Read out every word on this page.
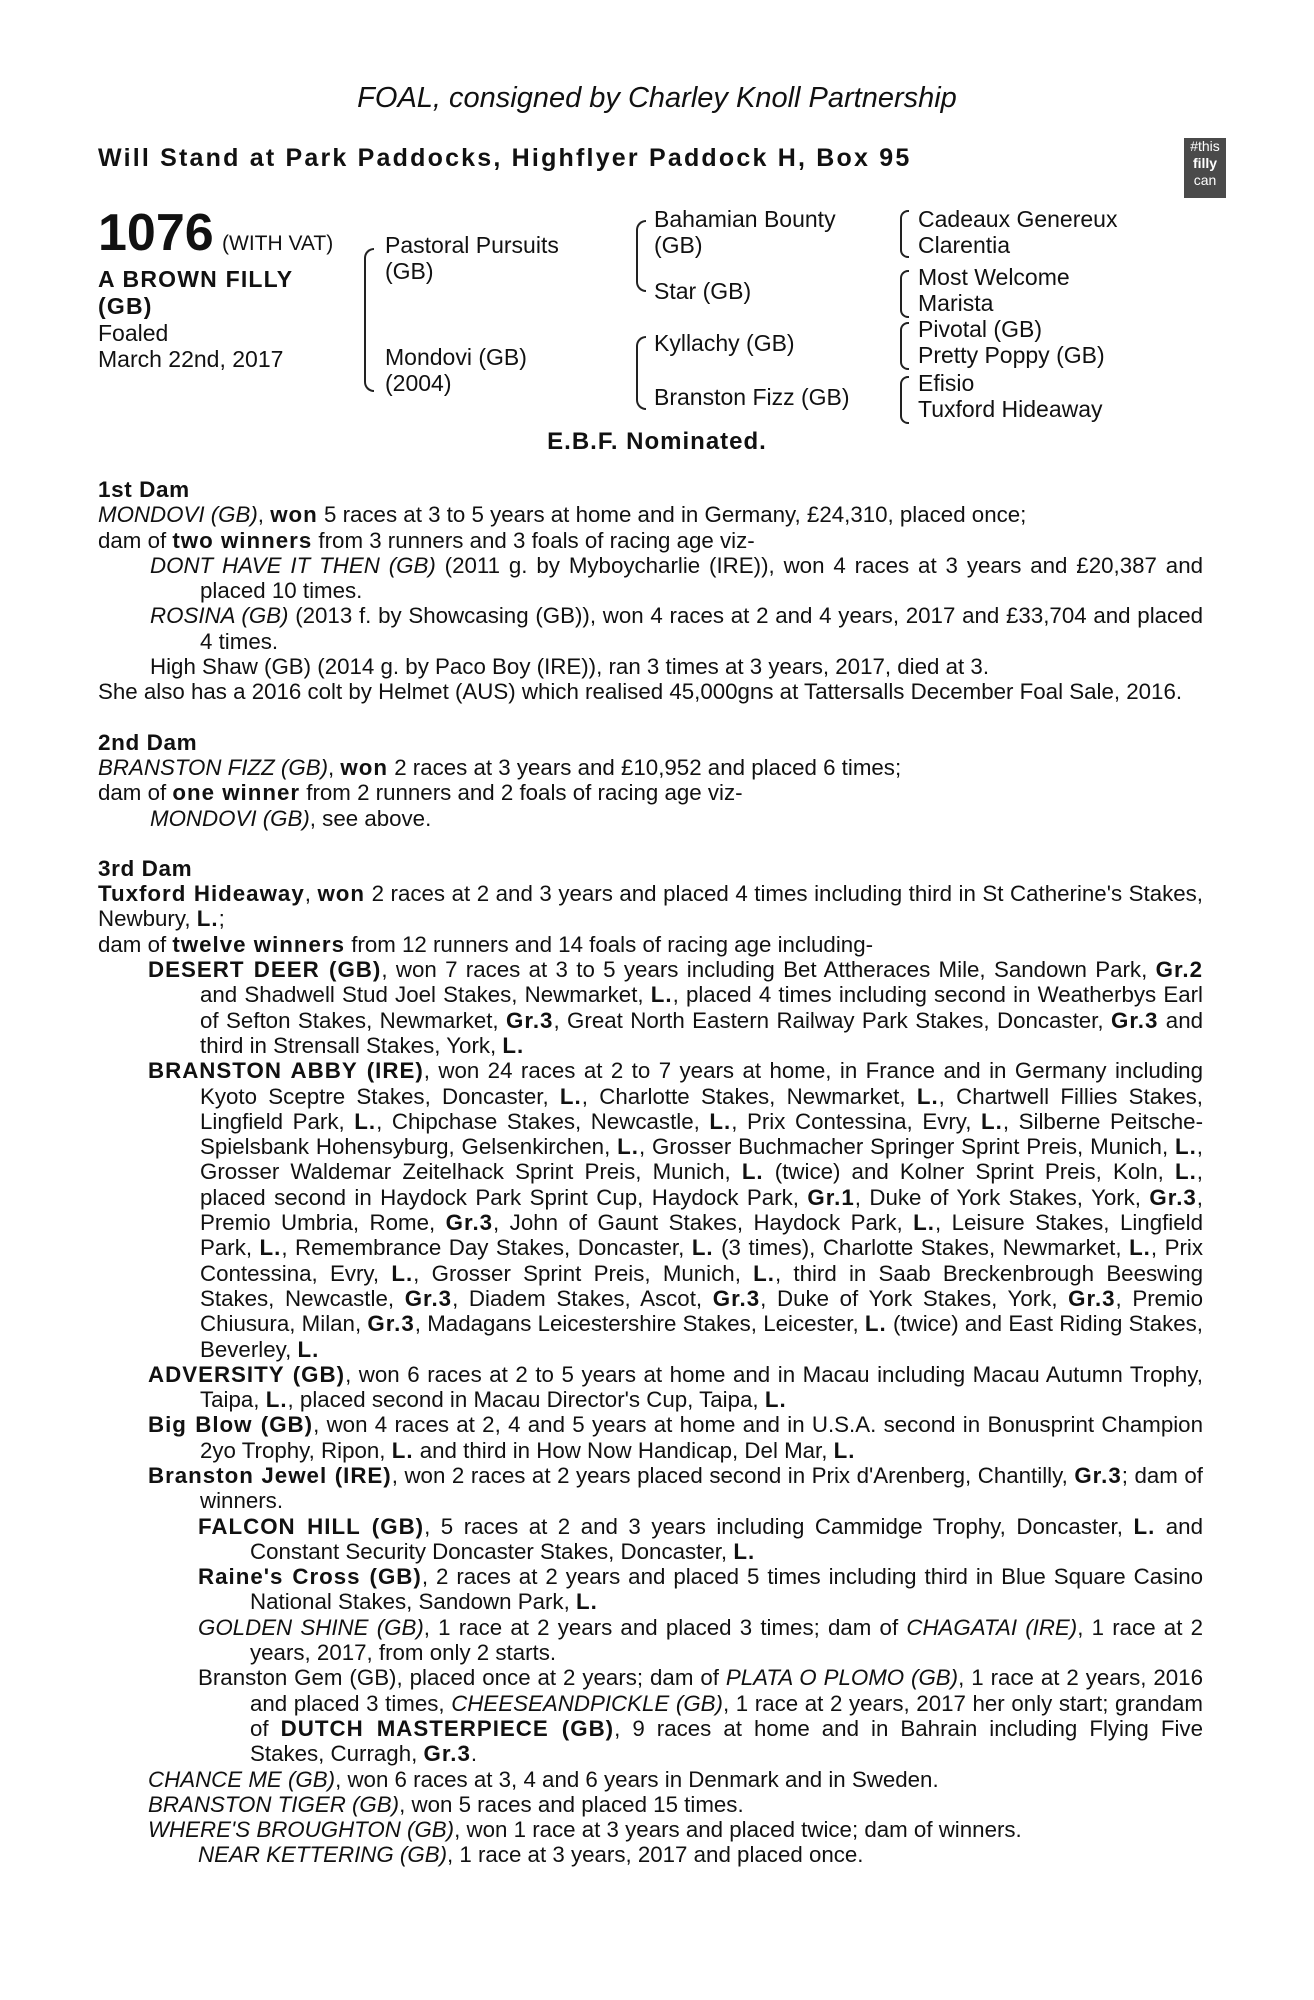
FOAL, consigned by Charley Knoll Partnership
Will Stand at Park Paddocks, Highflyer Paddock H, Box 95	#this
filly
can
1076 (WITH VAT)
A BROWN FILLY (GB)
Foaled
March 22nd, 2017
Pastoral Pursuits (GB)
Mondovi (GB) (2004)
Bahamian Bounty (GB)
Star (GB)
Kyllachy (GB)
Branston Fizz (GB)
Cadeaux Genereux
Clarentia
Most Welcome
Marista
Pivotal (GB)
Pretty Poppy (GB)
Efisio
Tuxford Hideaway
E.B.F. Nominated.

1st Dam

MONDOVI (GB), won 5 races at 3 to 5 years at home and in Germany, £24,310, placed once;

dam of two winners from 3 runners and 3 foals of racing age viz-

DONT HAVE IT THEN (GB) (2011 g. by Myboycharlie (IRE)), won 4 races at 3 years and £20,387 and placed 10 times.

ROSINA (GB) (2013 f. by Showcasing (GB)), won 4 races at 2 and 4 years, 2017 and £33,704 and placed 4 times.

High Shaw (GB) (2014 g. by Paco Boy (IRE)), ran 3 times at 3 years, 2017, died at 3.

She also has a 2016 colt by Helmet (AUS) which realised 45,000gns at Tattersalls December Foal Sale, 2016.

2nd Dam

BRANSTON FIZZ (GB), won 2 races at 3 years and £10,952 and placed 6 times;

dam of one winner from 2 runners and 2 foals of racing age viz-

MONDOVI (GB), see above.

3rd Dam

Tuxford Hideaway, won 2 races at 2 and 3 years and placed 4 times including third in St Catherine's Stakes, Newbury, L.;

dam of twelve winners from 12 runners and 14 foals of racing age including-

DESERT DEER (GB), won 7 races at 3 to 5 years including Bet Attheraces Mile, Sandown Park, Gr.2 and Shadwell Stud Joel Stakes, Newmarket, L., placed 4 times including second in Weatherbys Earl of Sefton Stakes, Newmarket, Gr.3, Great North Eastern Railway Park Stakes, Doncaster, Gr.3 and third in Strensall Stakes, York, L.

BRANSTON ABBY (IRE), won 24 races at 2 to 7 years at home, in France and in Germany including Kyoto Sceptre Stakes, Doncaster, L., Charlotte Stakes, Newmarket, L., Chartwell Fillies Stakes, Lingfield Park, L., Chipchase Stakes, Newcastle, L., Prix Contessina, Evry, L., Silberne Peitsche-Spielsbank Hohensyburg, Gelsenkirchen, L., Grosser Buchmacher Springer Sprint Preis, Munich, L., Grosser Waldemar Zeitelhack Sprint Preis, Munich, L. (twice) and Kolner Sprint Preis, Koln, L., placed second in Haydock Park Sprint Cup, Haydock Park, Gr.1, Duke of York Stakes, York, Gr.3, Premio Umbria, Rome, Gr.3, John of Gaunt Stakes, Haydock Park, L., Leisure Stakes, Lingfield Park, L., Remembrance Day Stakes, Doncaster, L. (3 times), Charlotte Stakes, Newmarket, L., Prix Contessina, Evry, L., Grosser Sprint Preis, Munich, L., third in Saab Breckenbrough Beeswing Stakes, Newcastle, Gr.3, Diadem Stakes, Ascot, Gr.3, Duke of York Stakes, York, Gr.3, Premio Chiusura, Milan, Gr.3, Madagans Leicestershire Stakes, Leicester, L. (twice) and East Riding Stakes, Beverley, L.

ADVERSITY (GB), won 6 races at 2 to 5 years at home and in Macau including Macau Autumn Trophy, Taipa, L., placed second in Macau Director's Cup, Taipa, L.

Big Blow (GB), won 4 races at 2, 4 and 5 years at home and in U.S.A. second in Bonusprint Champion 2yo Trophy, Ripon, L. and third in How Now Handicap, Del Mar, L.

Branston Jewel (IRE), won 2 races at 2 years placed second in Prix d'Arenberg, Chantilly, Gr.3; dam of winners.

FALCON HILL (GB), 5 races at 2 and 3 years including Cammidge Trophy, Doncaster, L. and Constant Security Doncaster Stakes, Doncaster, L.

Raine's Cross (GB), 2 races at 2 years and placed 5 times including third in Blue Square Casino National Stakes, Sandown Park, L.

GOLDEN SHINE (GB), 1 race at 2 years and placed 3 times; dam of CHAGATAI (IRE), 1 race at 2 years, 2017, from only 2 starts.

Branston Gem (GB), placed once at 2 years; dam of PLATA O PLOMO (GB), 1 race at 2 years, 2016 and placed 3 times, CHEESEANDPICKLE (GB), 1 race at 2 years, 2017 her only start; grandam of DUTCH MASTERPIECE (GB), 9 races at home and in Bahrain including Flying Five Stakes, Curragh, Gr.3.

CHANCE ME (GB), won 6 races at 3, 4 and 6 years in Denmark and in Sweden.

BRANSTON TIGER (GB), won 5 races and placed 15 times.

WHERE'S BROUGHTON (GB), won 1 race at 3 years and placed twice; dam of winners.

NEAR KETTERING (GB), 1 race at 3 years, 2017 and placed once.
